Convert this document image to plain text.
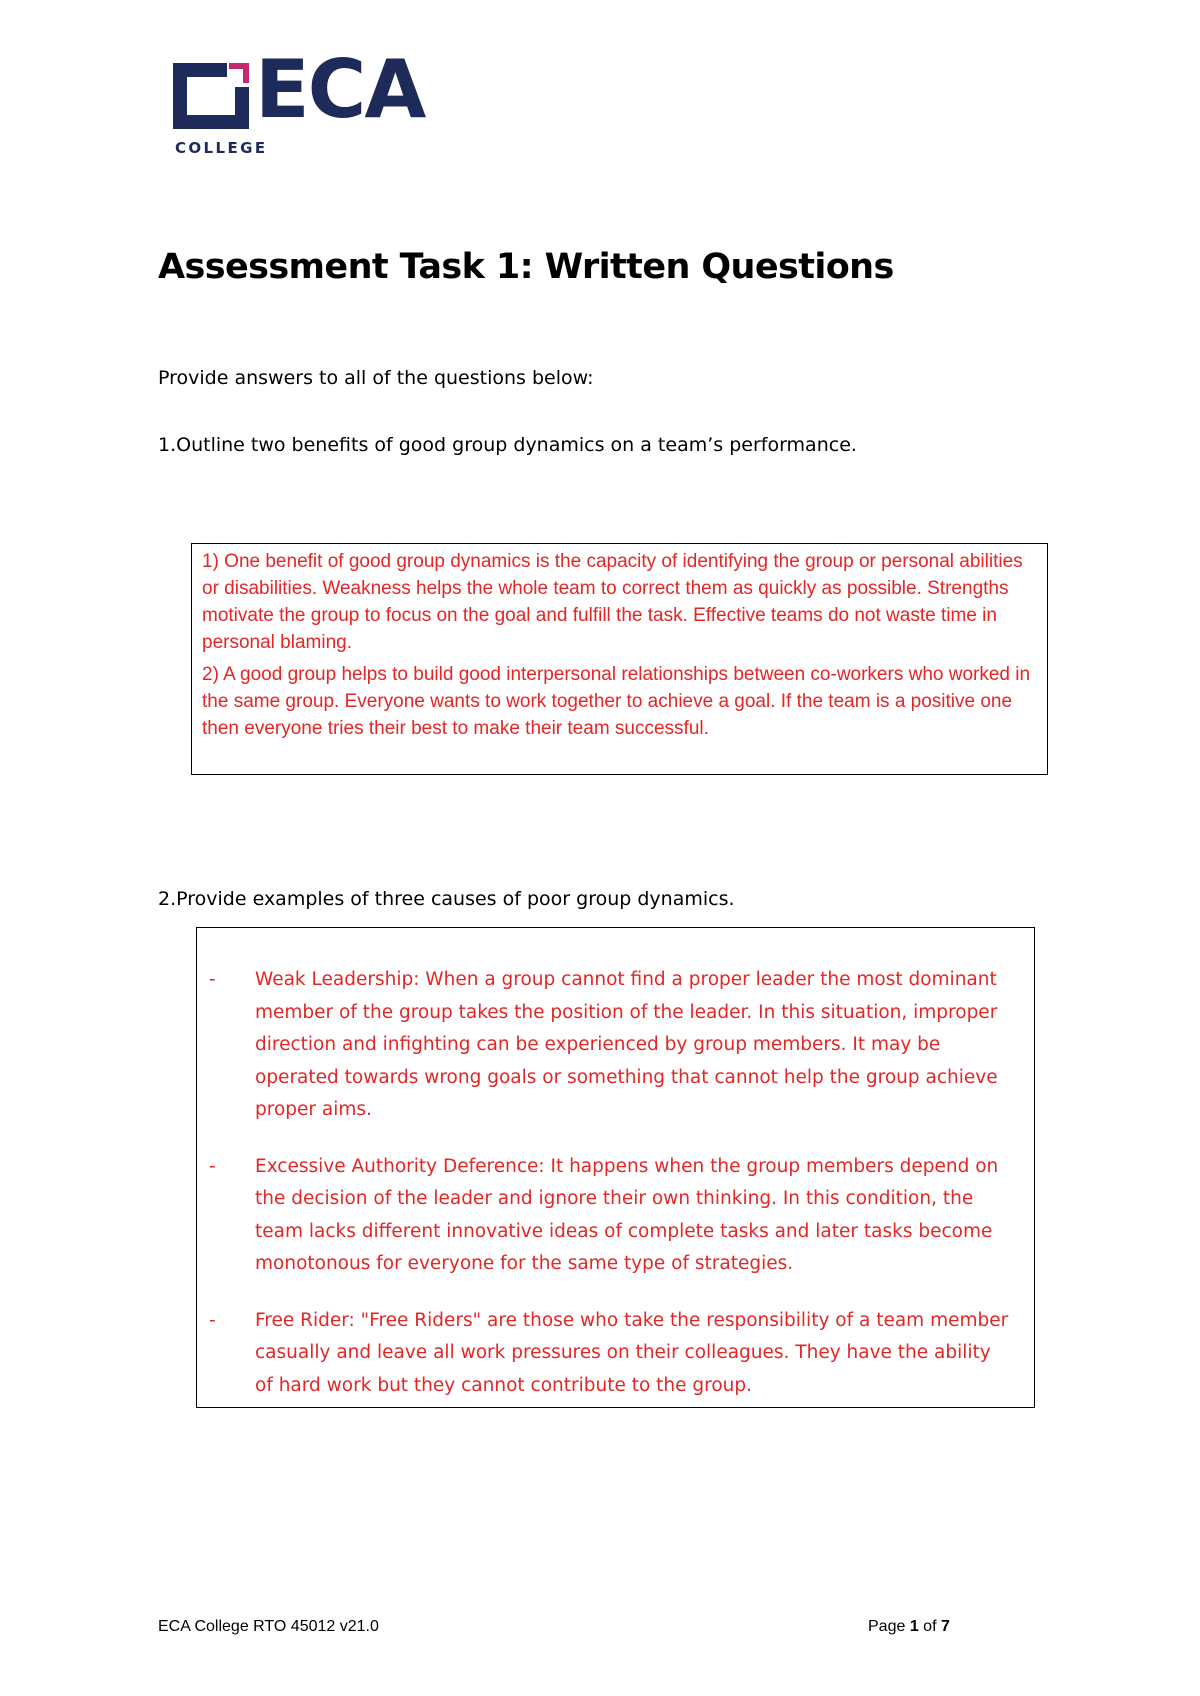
ECA
COLLEGE
Assessment Task 1: Written Questions
Provide answers to all of the questions below:
1.Outline two benefits of good group dynamics on a team’s performance.

1) One benefit of good group dynamics is the capacity of identifying the group or personal abilities or disabilities. Weakness helps the whole team to correct them as quickly as possible. Strengths motivate the group to focus on the goal and fulfill the task. Effective teams do not waste time in personal blaming.

2) A good group helps to build good interpersonal relationships between co-workers who worked in the same group. Everyone wants to work together to achieve a goal. If the team is a positive one then everyone tries their best to make their team successful.

2.Provide examples of three causes of poor group dynamics.
-	Weak Leadership: When a group cannot find a proper leader the most dominant member of the group takes the position of the leader. In this situation, improper direction and infighting can be experienced by group members. It may be operated towards wrong goals or something that cannot help the group achieve proper aims.
-	Excessive Authority Deference: It happens when the group members depend on the decision of the leader and ignore their own thinking. In this condition, the team lacks different innovative ideas of complete tasks and later tasks become monotonous for everyone for the same type of strategies.
-	Free Rider: "Free Riders" are those who take the responsibility of a team member casually and leave all work pressures on their colleagues. They have the ability of hard work but they cannot contribute to the group.
ECA College RTO 45012 v21.0	Page 1 of 7
